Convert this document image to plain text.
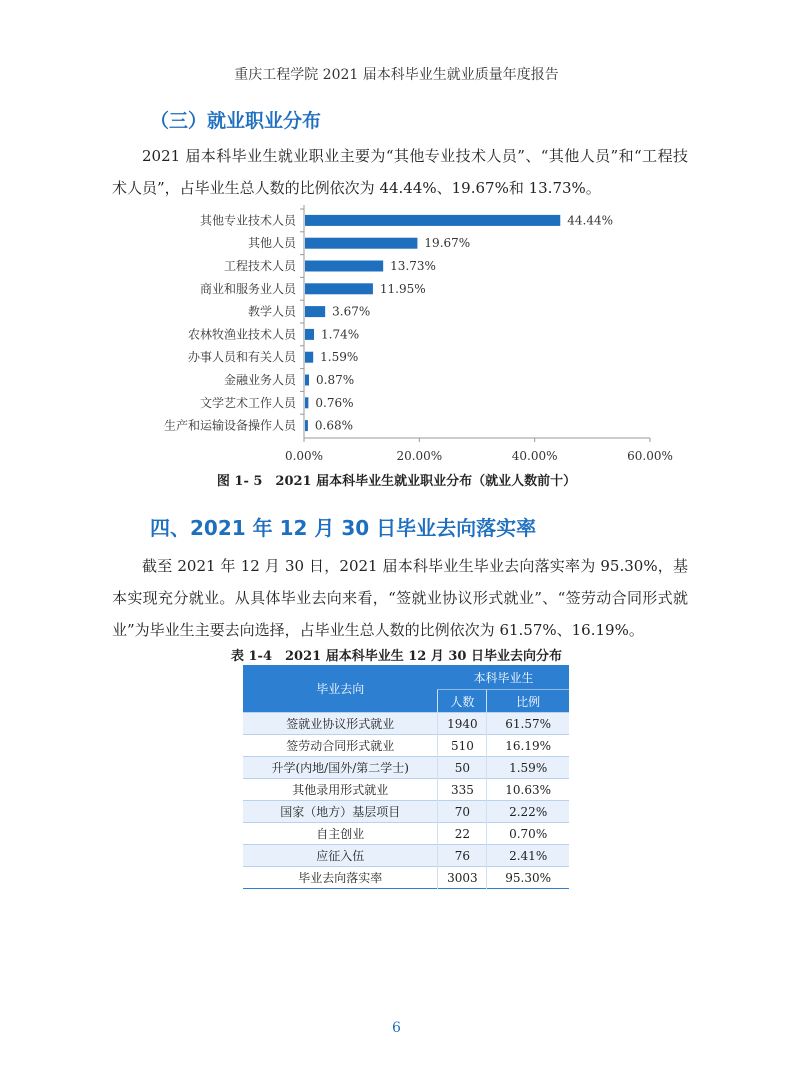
重庆工程学院 2021 届本科毕业生就业质量年度报告
（三）就业职业分布
2021 届本科毕业生就业职业主要为“其他专业技术人员”、“其他人员”和“工程技术人员”，占毕业生总人数的比例依次为 44.44%、19.67%和 13.73%。
其他专业技术人员	44.44%
其他人员	19.67%
工程技术人员	13.73%
商业和服务业人员	11.95%
教学人员	3.67%
农林牧渔业技术人员 1.74%
办事人员和有关人员 1.59%
金融业务人员 0.87%
文学艺术工作人员 0.76%
生产和运输设备操作人员 0.68%
0.00%	20.00%	40.00%	60.00%
图 1- 5　2021 届本科毕业生就业职业分布（就业人数前十）
四、2021 年 12 月 30 日毕业去向落实率
截至 2021 年 12 月 30 日，2021 届本科毕业生毕业去向落实率为 95.30%，基本实现充分就业。从具体毕业去向来看，“签就业协议形式就业”、“签劳动合同形式就业”为毕业生主要去向选择，占毕业生总人数的比例依次为 61.57%、16.19%。
表 1-4　2021 届本科毕业生 12 月 30 日毕业去向分布
毕业去向	本科毕业生	
	人数	比例
签就业协议形式就业	1940	61.57%
签劳动合同形式就业	510	16.19%
升学(内地/国外/第二学士)	50	1.59%
其他录用形式就业	335	10.63%
国家（地方）基层项目	70	2.22%
自主创业	22	0.70%
应征入伍	76	2.41%
毕业去向落实率	3003	95.30%
6
